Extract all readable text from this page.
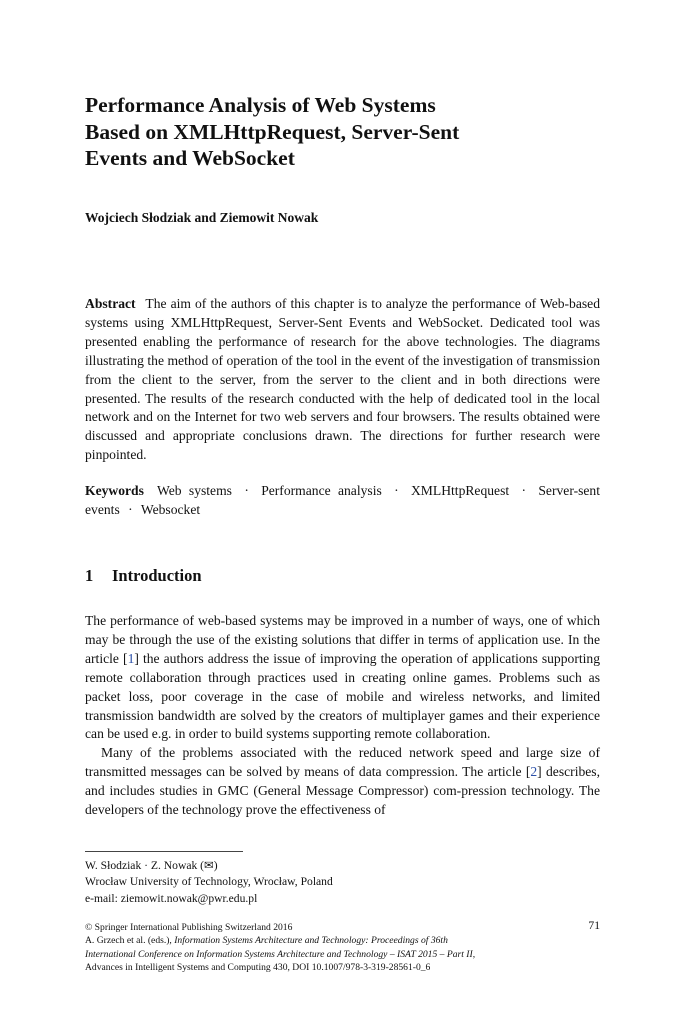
Performance Analysis of Web Systems
Based on XMLHttpRequest, Server-Sent
Events and WebSocket
Wojciech Słodziak and Ziemowit Nowak
Abstract The aim of the authors of this chapter is to analyze the performance of Web-based systems using XMLHttpRequest, Server-Sent Events and WebSocket. Dedicated tool was presented enabling the performance of research for the above technologies. The diagrams illustrating the method of operation of the tool in the event of the investigation of transmission from the client to the server, from the server to the client and in both directions were presented. The results of the research conducted with the help of dedicated tool in the local network and on the Internet for two web servers and four browsers. The results obtained were discussed and appropriate conclusions drawn. The directions for further research were pinpointed.
Keywords Web systems · Performance analysis · XMLHttpRequest · Server-sent events · Websocket
1 Introduction

The performance of web-based systems may be improved in a number of ways, one of which may be through the use of the existing solutions that differ in terms of application use. In the article [1] the authors address the issue of improving the operation of applications supporting remote collaboration through practices used in creating online games. Problems such as packet loss, poor coverage in the case of mobile and wireless networks, and limited transmission bandwidth are solved by the creators of multiplayer games and their experience can be used e.g. in order to build systems supporting remote collaboration.

Many of the problems associated with the reduced network speed and large size of transmitted messages can be solved by means of data compression. The article [2] describes, and includes studies in GMC (General Message Compressor) com-pression technology. The developers of the technology prove the effectiveness of

W. Słodziak · Z. Nowak (✉)
Wrocław University of Technology, Wrocław, Poland
e-mail: ziemowit.nowak@pwr.edu.pl
© Springer International Publishing Switzerland 2016
A. Grzech et al. (eds.), Information Systems Architecture and Technology: Proceedings of 36th
International Conference on Information Systems Architecture and Technology – ISAT 2015 – Part II,
Advances in Intelligent Systems and Computing 430, DOI 10.1007/978-3-319-28561-0_6
71
